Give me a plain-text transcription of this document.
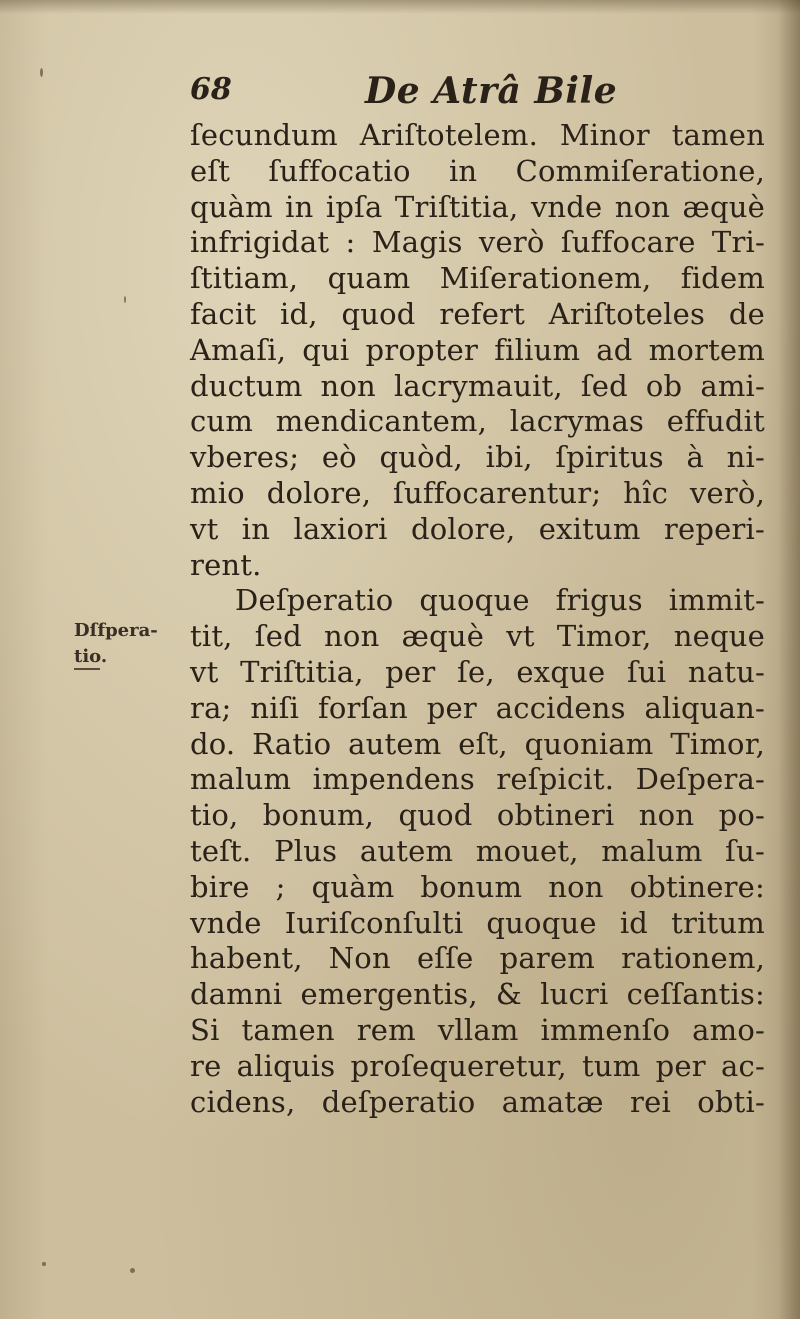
68	De Atrâ Bile
Dſfpera-
tio.
ſecundum Ariſtotelem. Minor tamen
eſt ſuffocatio in Commiſeratione,
quàm in ipſa Triſtitia, vnde non æquè
infrigidat : Magis verò ſuffocare Tri-
ſtitiam, quam Miſerationem, fidem
facit id, quod refert Ariſtoteles de
Amaſi, qui propter filium ad mortem
ductum non lacrymauit, ſed ob ami-
cum mendicantem, lacrymas effudit
vberes; eò quòd, ibi, ſpiritus à ni-
mio dolore, ſuffocarentur; hîc verò,
vt in laxiori dolore, exitum reperi-
rent.
Deſperatio quoque frigus immit-
tit, ſed non æquè vt Timor, neque
vt Triſtitia, per ſe, exque ſui natu-
ra; niſi forſan per accidens aliquan-
do. Ratio autem eſt, quoniam Timor,
malum impendens reſpicit. Deſpera-
tio, bonum, quod obtineri non po-
teſt. Plus autem mouet, malum ſu-
bire ; quàm bonum non obtinere:
vnde Iuriſconſulti quoque id tritum
habent, Non eſſe parem rationem,
damni emergentis, & lucri ceſſantis:
Si tamen rem vllam immenſo amo-
re aliquis proſequeretur, tum per ac-
cidens, deſperatio amatæ rei obti-
